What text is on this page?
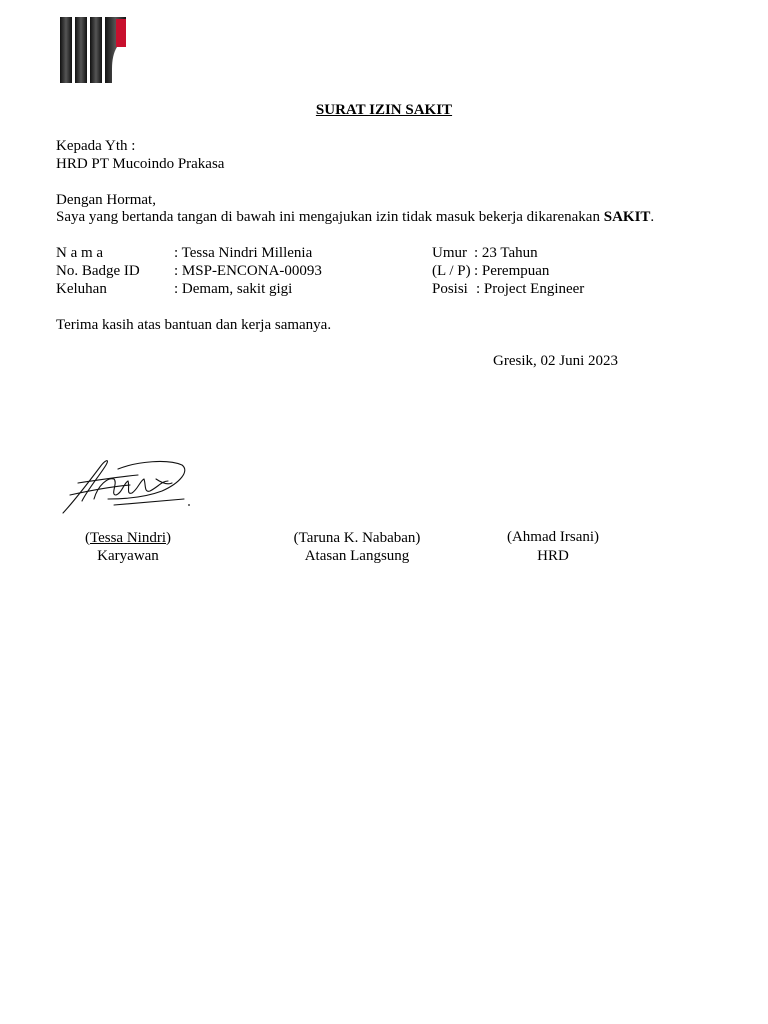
SURAT IZIN SAKIT
Kepada Yth :
HRD PT Mucoindo Prakasa
Dengan Hormat,
Saya yang bertanda tangan di bawah ini mengajukan izin tidak masuk bekerja dikarenakan SAKIT.
N a m a	: Tessa Nindri Millenia
No. Badge ID : MSP-ENCONA-00093
Keluhan	: Demam, sakit gigi
Umur : 23 Tahun
(L / P) : Perempuan
Posisi : Project Engineer
Terima kasih atas bantuan dan kerja samanya.
Gresik, 02 Juni 2023
(Tessa Nindri)
Karyawan
(Taruna K. Nababan)
Atasan Langsung
(Ahmad Irsani)
HRD
